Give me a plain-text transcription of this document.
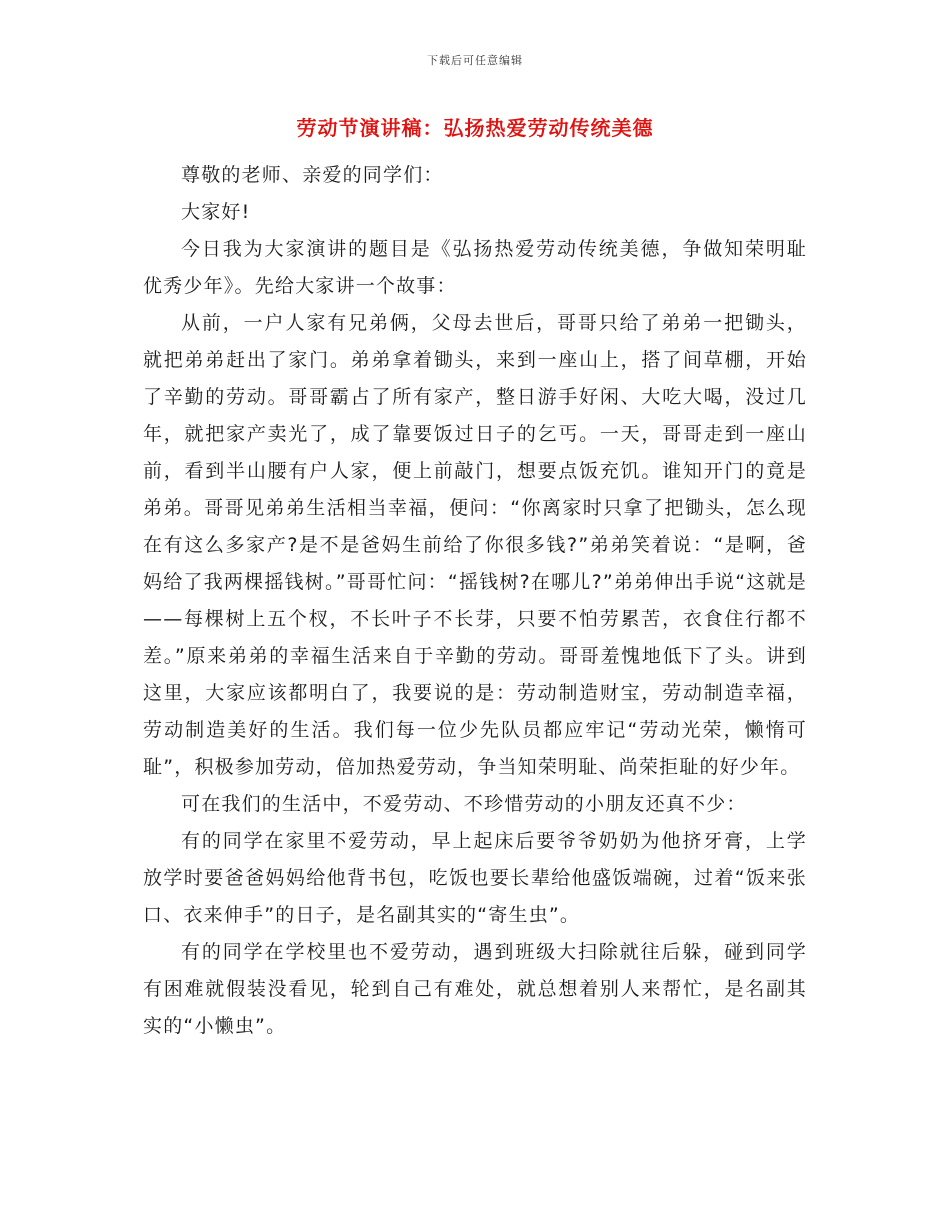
下载后可任意编辑
劳动节演讲稿：弘扬热爱劳动传统美德

尊敬的老师、亲爱的同学们：

大家好!

今日我为大家演讲的题目是《弘扬热爱劳动传统美德，争做知荣明耻优秀少年》。先给大家讲一个故事：

从前，一户人家有兄弟俩，父母去世后，哥哥只给了弟弟一把锄头，就把弟弟赶出了家门。弟弟拿着锄头，来到一座山上，搭了间草棚，开始了辛勤的劳动。哥哥霸占了所有家产，整日游手好闲、大吃大喝，没过几年，就把家产卖光了，成了靠要饭过日子的乞丐。一天，哥哥走到一座山前，看到半山腰有户人家，便上前敲门，想要点饭充饥。谁知开门的竟是弟弟。哥哥见弟弟生活相当幸福，便问：“你离家时只拿了把锄头，怎么现在有这么多家产?是不是爸妈生前给了你很多钱?”弟弟笑着说：“是啊，爸妈给了我两棵摇钱树。”哥哥忙问：“摇钱树?在哪儿?”弟弟伸出手说“这就是——每棵树上五个杈，不长叶子不长芽，只要不怕劳累苦，衣食住行都不差。”原来弟弟的幸福生活来自于辛勤的劳动。哥哥羞愧地低下了头。讲到这里，大家应该都明白了，我要说的是：劳动制造财宝，劳动制造幸福，劳动制造美好的生活。我们每一位少先队员都应牢记“劳动光荣，懒惰可耻”，积极参加劳动，倍加热爱劳动，争当知荣明耻、尚荣拒耻的好少年。

可在我们的生活中，不爱劳动、不珍惜劳动的小朋友还真不少：

有的同学在家里不爱劳动，早上起床后要爷爷奶奶为他挤牙膏，上学放学时要爸爸妈妈给他背书包，吃饭也要长辈给他盛饭端碗，过着“饭来张口、衣来伸手”的日子，是名副其实的“寄生虫”。

有的同学在学校里也不爱劳动，遇到班级大扫除就往后躲，碰到同学有困难就假装没看见，轮到自己有难处，就总想着别人来帮忙，是名副其实的“小懒虫”。
